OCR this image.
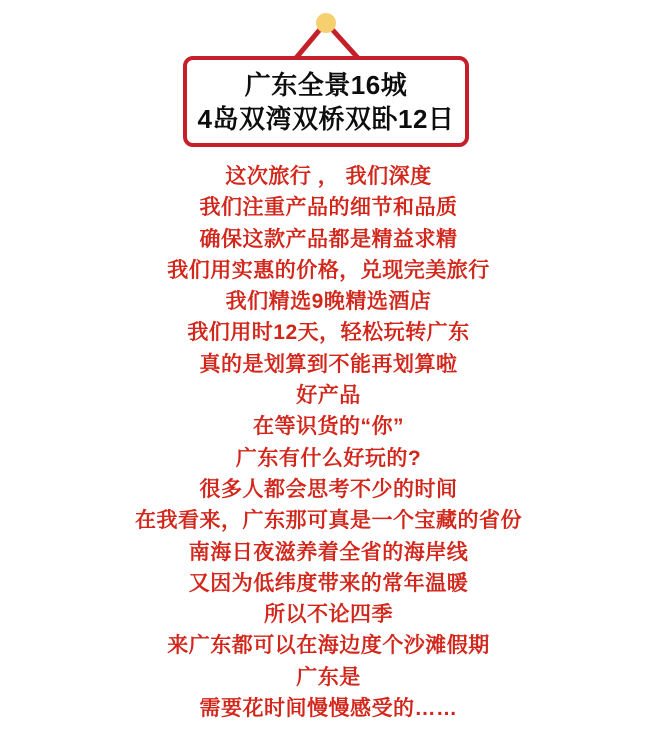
广东全景16城
4岛双湾双桥双卧12日

这次旅行 ， 我们深度

我们注重产品的细节和品质

确保这款产品都是精益求精

我们用实惠的价格，兑现完美旅行

我们精选9晚精选酒店

我们用时12天，轻松玩转广东

真的是划算到不能再划算啦

好产品

在等识货的“你”

广东有什么好玩的?

很多人都会思考不少的时间

在我看来，广东那可真是一个宝藏的省份

南海日夜滋养着全省的海岸线

又因为低纬度带来的常年温暖

所以不论四季

来广东都可以在海边度个沙滩假期

广东是

需要花时间慢慢感受的……
